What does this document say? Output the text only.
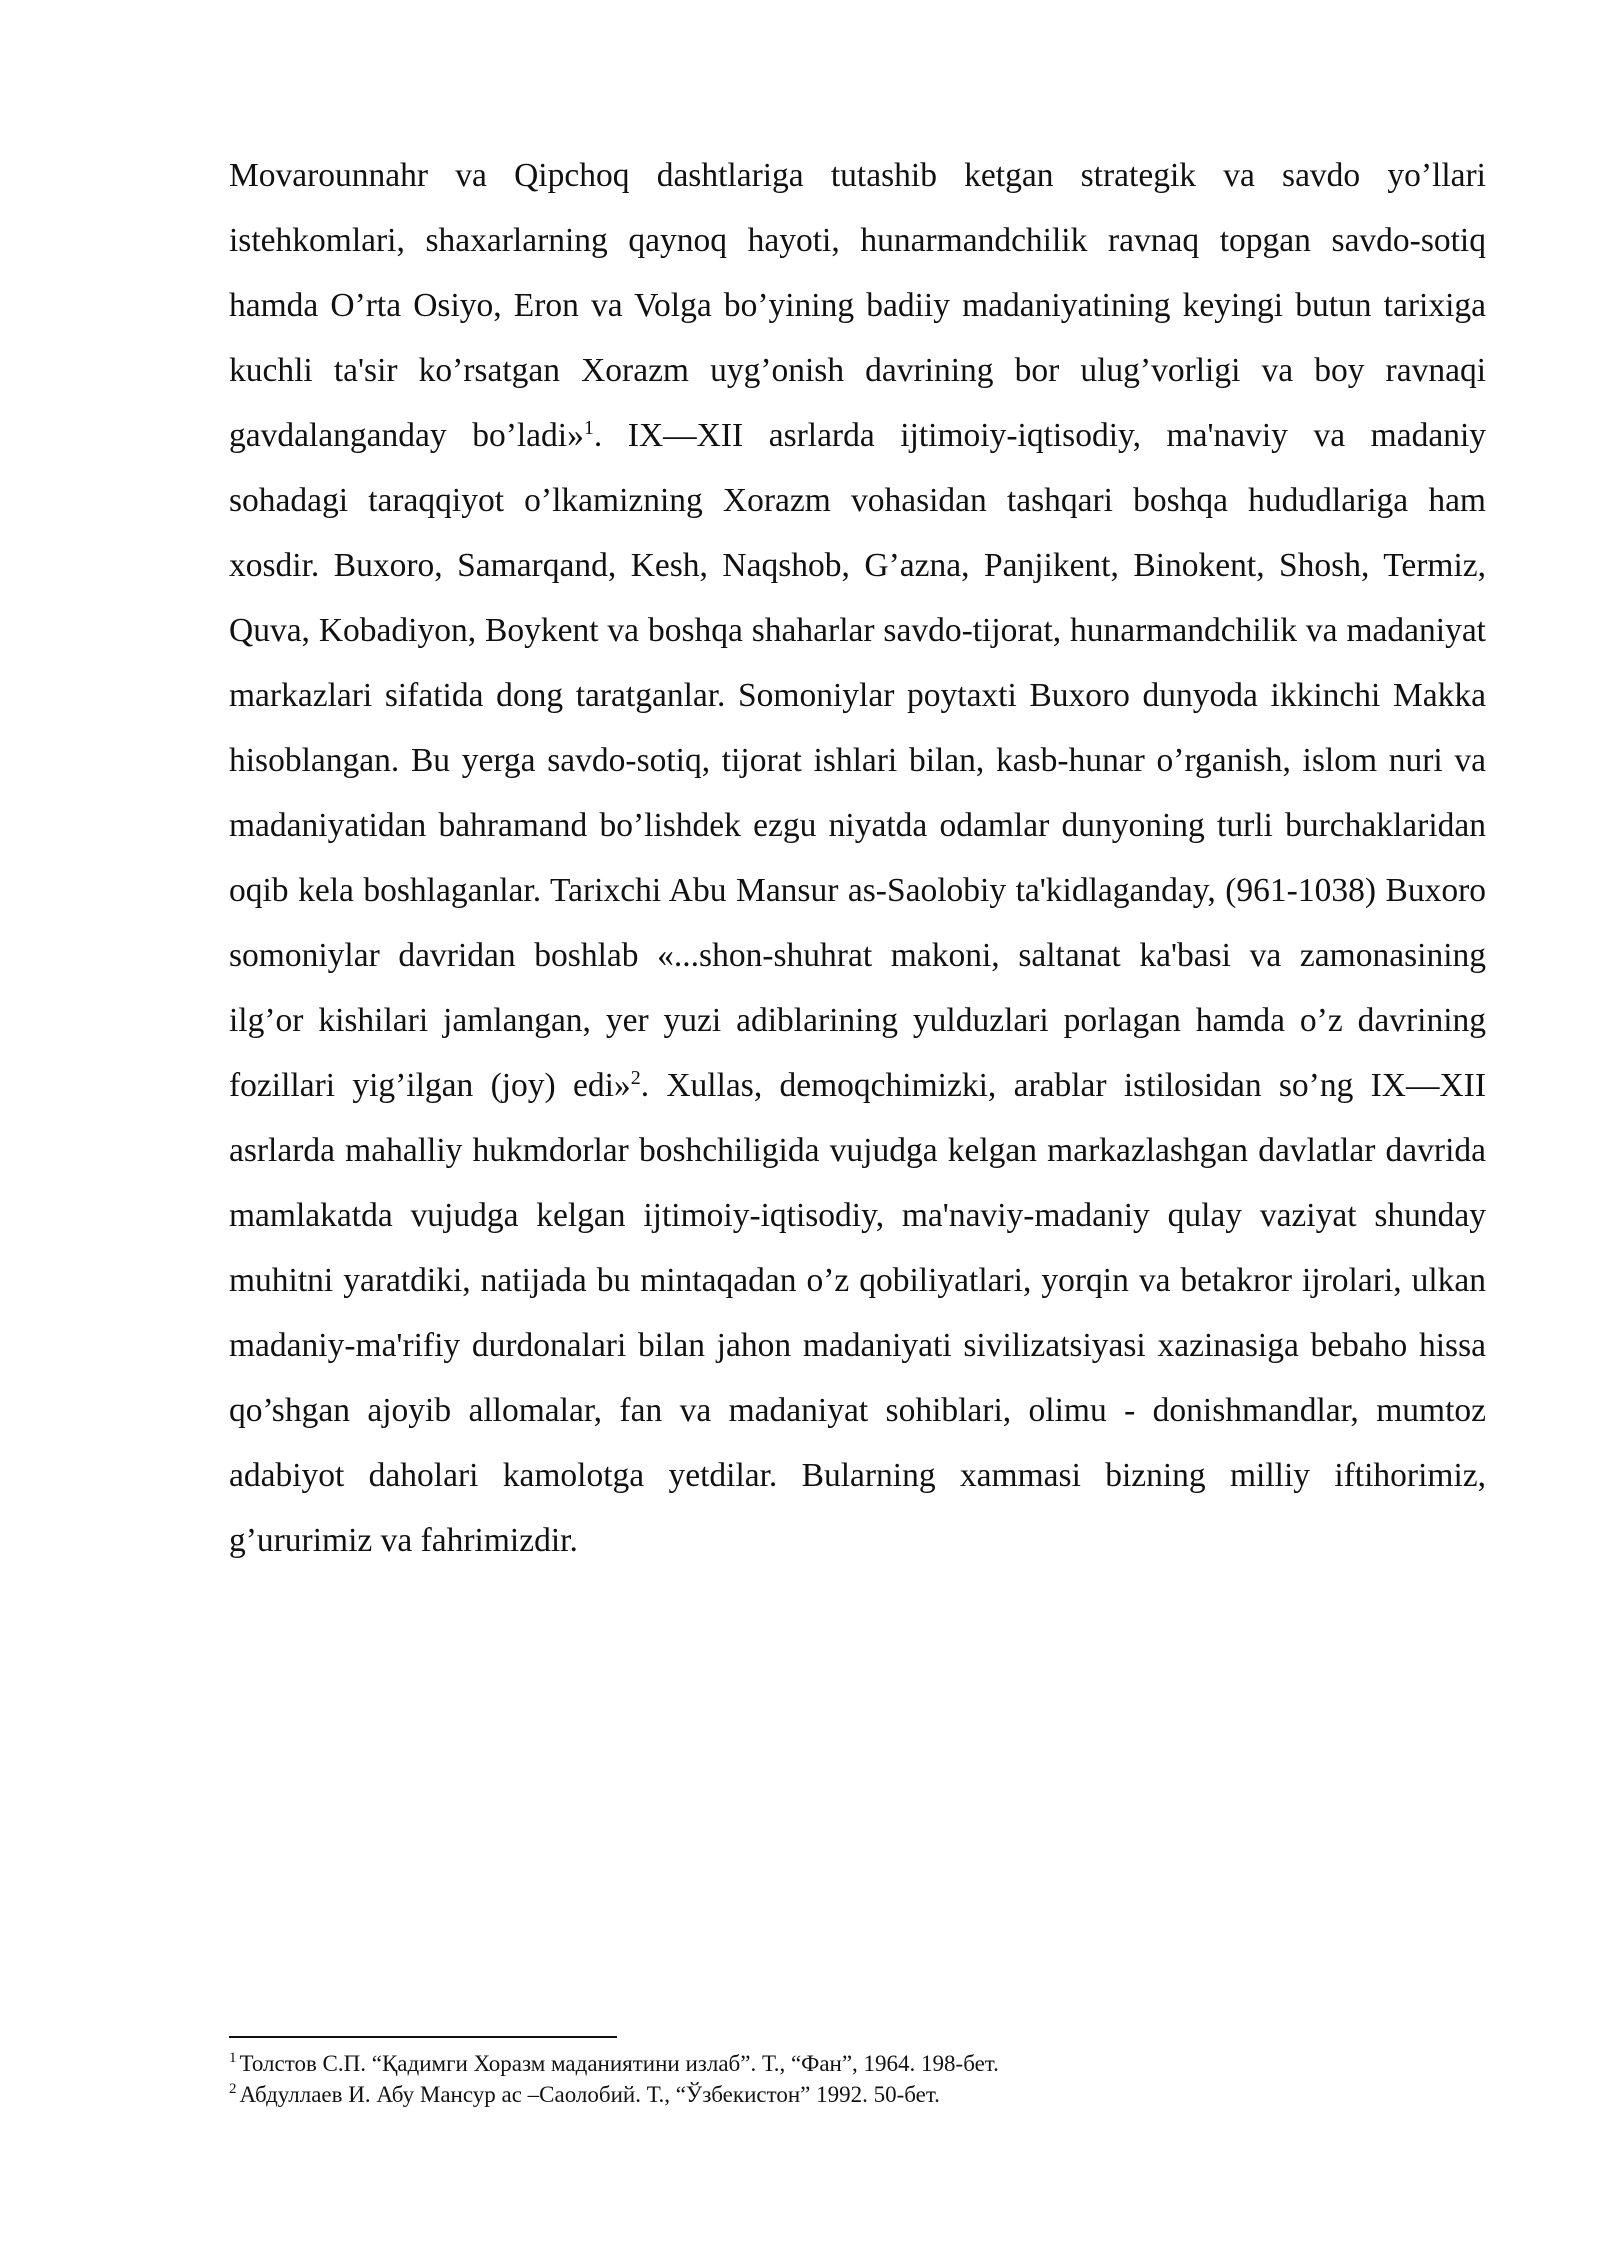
Movarounnahr va Qipchoq dashtlariga tutashib ketgan strategik va savdo yo’llari istehkomlari, shaxarlarning qaynoq hayoti, hunarmandchilik ravnaq topgan savdo-sotiq hamda O’rta Osiyo, Eron va Volga bo’yining badiiy madaniyatining keyingi butun tarixiga kuchli ta'sir ko’rsatgan Xorazm uyg’onish davrining bor ulug’vorligi va boy ravnaqi gavdalanganday bo’ladi»$^1$. IX—XII asrlarda ijtimoiy-iqtisodiy, ma'naviy va madaniy sohadagi taraqqiyot o’lkamizning Xorazm vohasidan tashqari boshqa hududlariga ham xosdir. Buxoro, Samarqand, Kesh, Naqshob, G’azna, Panjikent, Binokent, Shosh, Termiz, Quva, Kobadiyon, Boykent va boshqa shaharlar savdo-tijorat, hunarmandchilik va madaniyat markazlari sifatida dong taratganlar. Somoniylar poytaxti Buxoro dunyoda ikkinchi Makka hisoblangan. Bu yerga savdo-sotiq, tijorat ishlari bilan, kasb-hunar o’rganish, islom nuri va madaniyatidan bahramand bo’lishdek ezgu niyatda odamlar dunyoning turli burchaklaridan oqib kela boshlaganlar. Tarixchi Abu Mansur as-Saolobiy ta'kidlaganday, (961-1038) Buxoro somoniylar davridan boshlab «...shon-shuhrat makoni, saltanat ka'basi va zamonasining ilg’or kishilari jamlangan, yer yuzi adiblarining yulduzlari porlagan hamda o’z davrining fozillari yig’ilgan (joy) edi»$^2$. Xullas, demoqchimizki, arablar istilosidan so’ng IX—XII asrlarda mahalliy hukmdorlar boshchiligida vujudga kelgan markazlashgan davlatlar davrida mamlakatda vujudga kelgan ijtimoiy-iqtisodiy, ma'naviy-madaniy qulay vaziyat shunday muhitni yaratdiki, natijada bu mintaqadan o’z qobiliyatlari, yorqin va betakror ijrolari, ulkan madaniy-ma'rifiy durdonalari bilan jahon madaniyati sivilizatsiyasi xazinasiga bebaho hissa qo’shgan ajoyib allomalar, fan va madaniyat sohiblari, olimu - donishmandlar, mumtoz adabiyot daholari kamolotga yetdilar. Bularning xammasi bizning milliy iftihorimiz, g’ururimiz va fahrimizdir.

$^1$ Толстов С.П. “Қадимги Хоразм маданиятини излаб”. Т., “Фан”, 1964. 198-бет.

$^2$ Абдуллаев И. Абу Мансур ас –Саолобий. Т., “Ўзбекистон” 1992. 50-бет.
